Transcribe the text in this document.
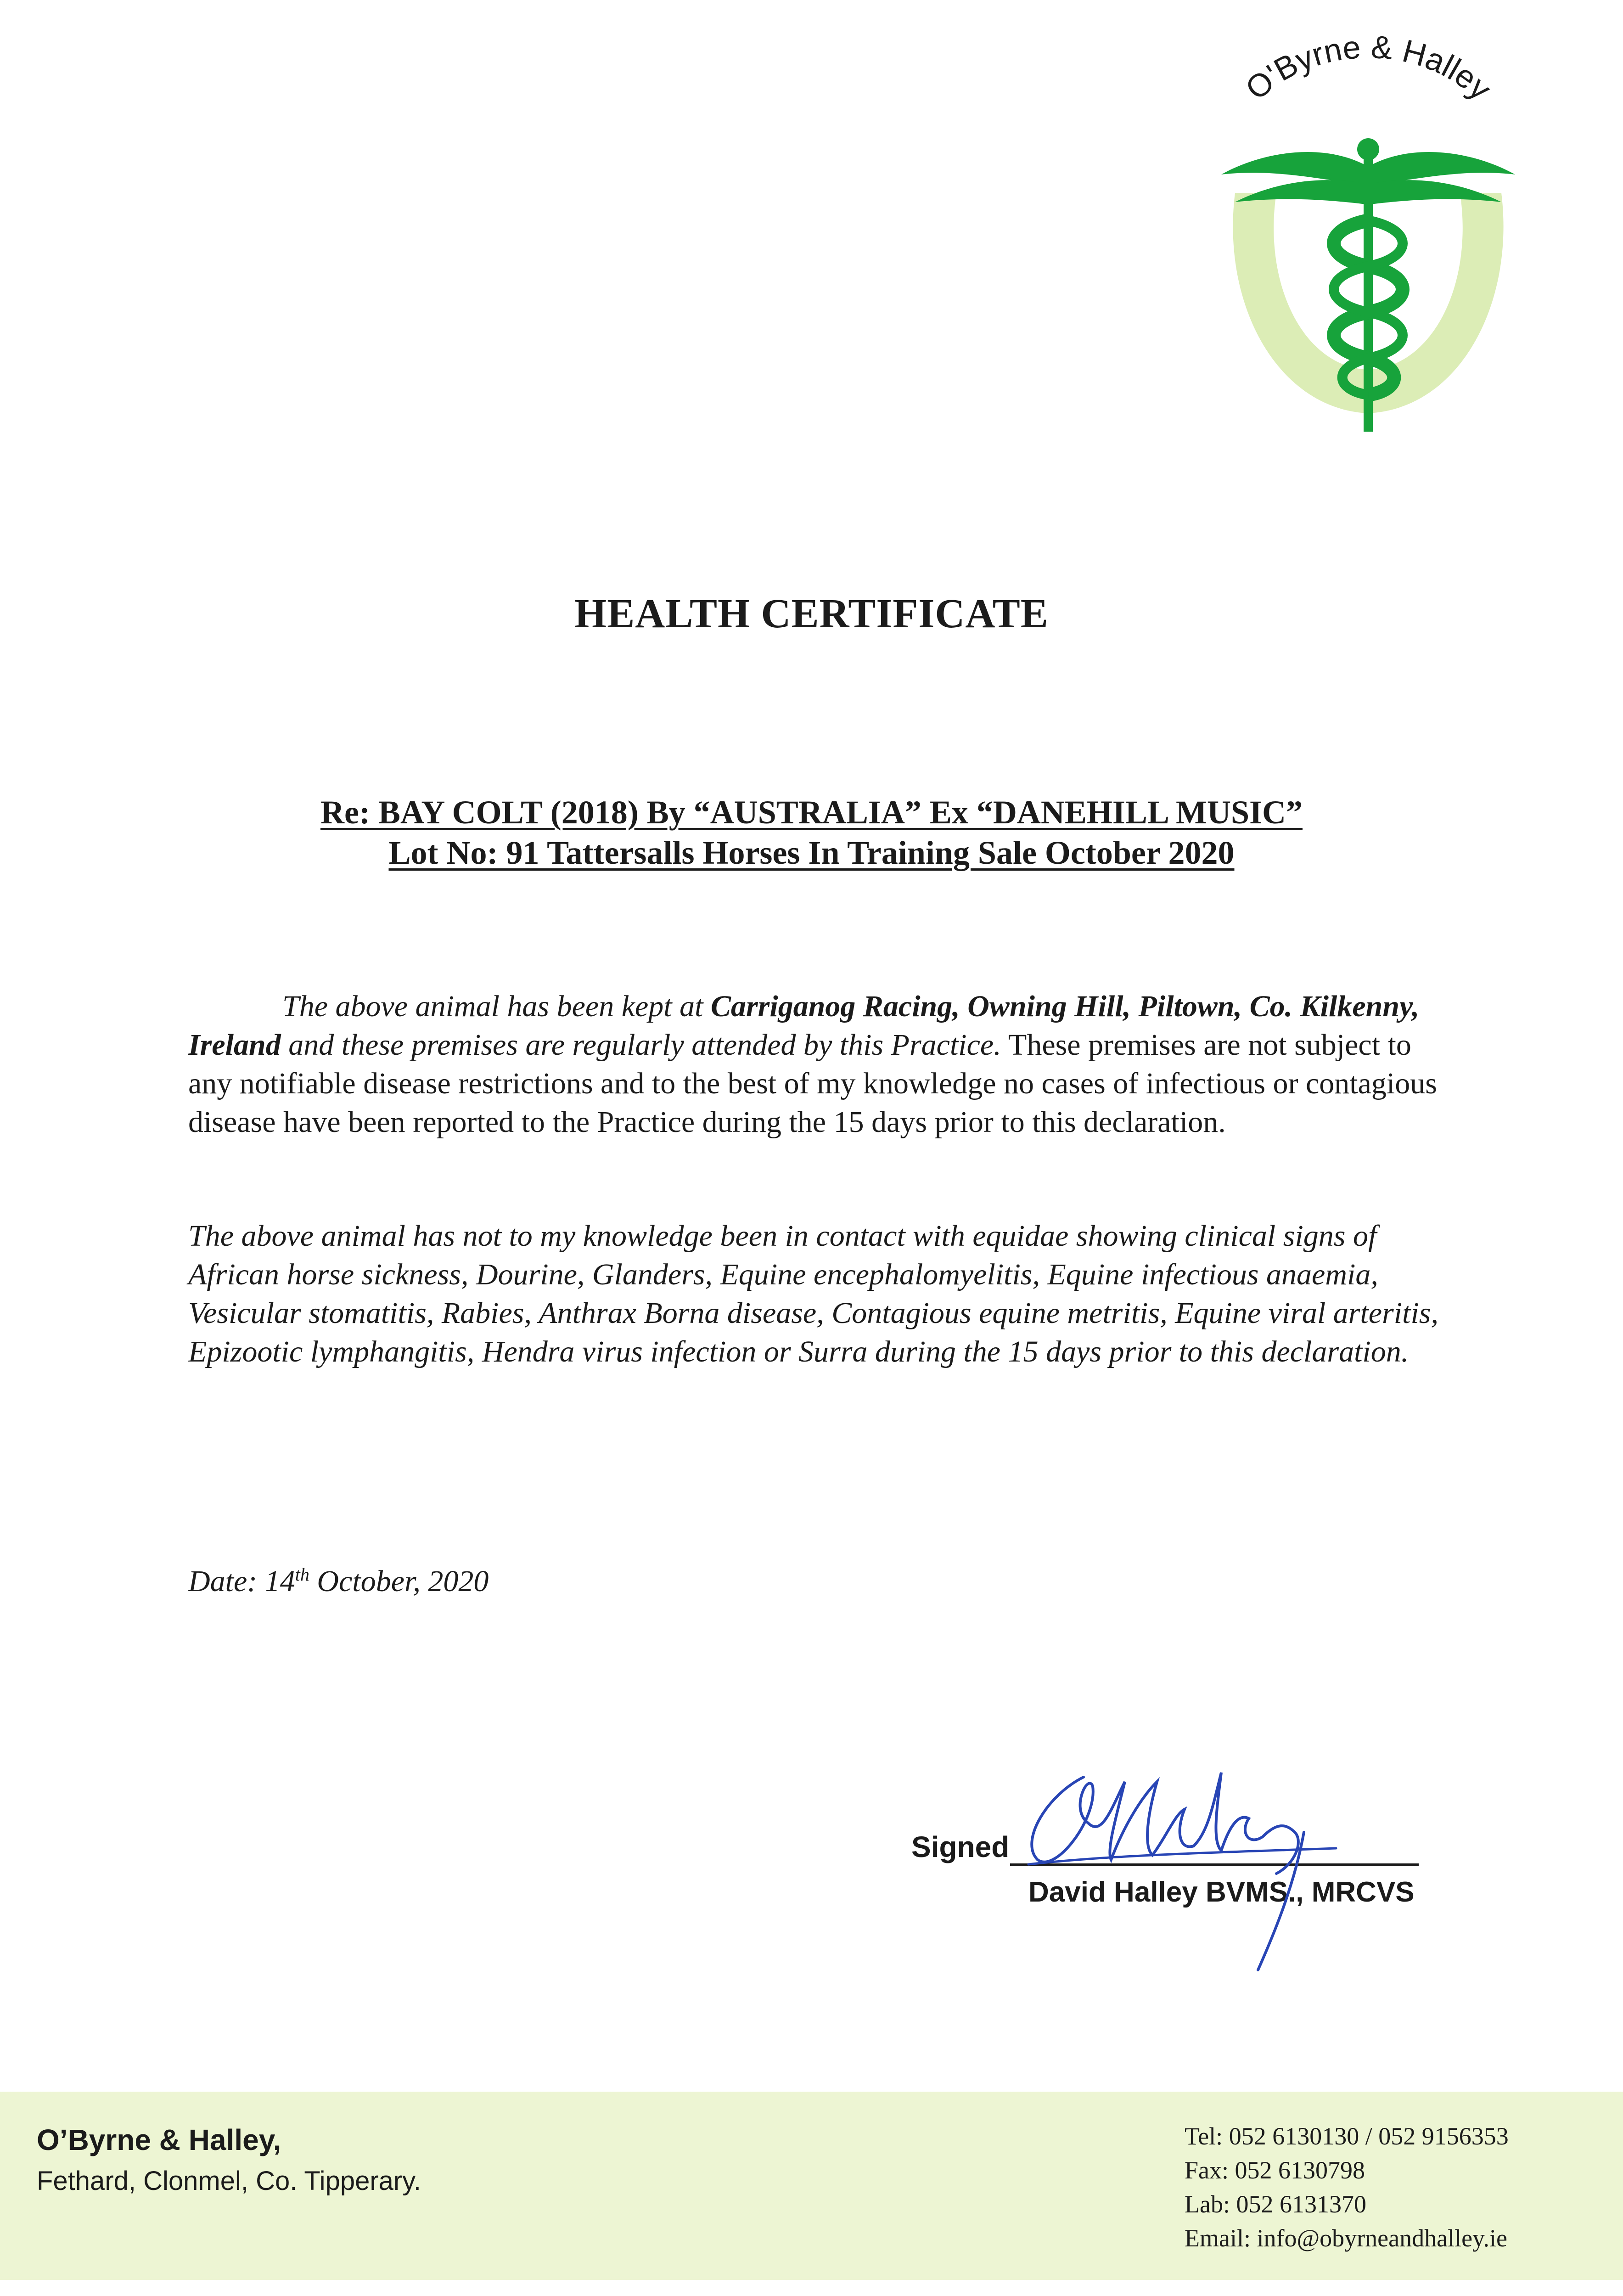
O'Byrne & Halley
HEALTH CERTIFICATE
Re: BAY COLT (2018) By “AUSTRALIA” Ex “DANEHILL MUSIC”
Lot No: 91 Tattersalls Horses In Training Sale October 2020
The above animal has been kept at Carriganog Racing, Owning Hill, Piltown, Co. Kilkenny, Ireland and these premises are regularly attended by this Practice. These premises are not subject to any notifiable disease restrictions and to the best of my knowledge no cases of infectious or contagious disease have been reported to the Practice during the 15 days prior to this declaration.
The above animal has not to my knowledge been in contact with equidae showing clinical signs of African horse sickness, Dourine, Glanders, Equine encephalomyelitis, Equine infectious anaemia, Vesicular stomatitis, Rabies, Anthrax Borna disease, Contagious equine metritis, Equine viral arteritis, Epizootic lymphangitis, Hendra virus infection or Surra during the 15 days prior to this declaration.
Date: 14th October, 2020
Signed
David Halley BVMS., MRCVS
O’Byrne & Halley,
Fethard, Clonmel, Co. Tipperary.
Tel: 052 6130130 / 052 9156353
Fax: 052 6130798
Lab: 052 6131370
Email: info@obyrneandhalley.ie
